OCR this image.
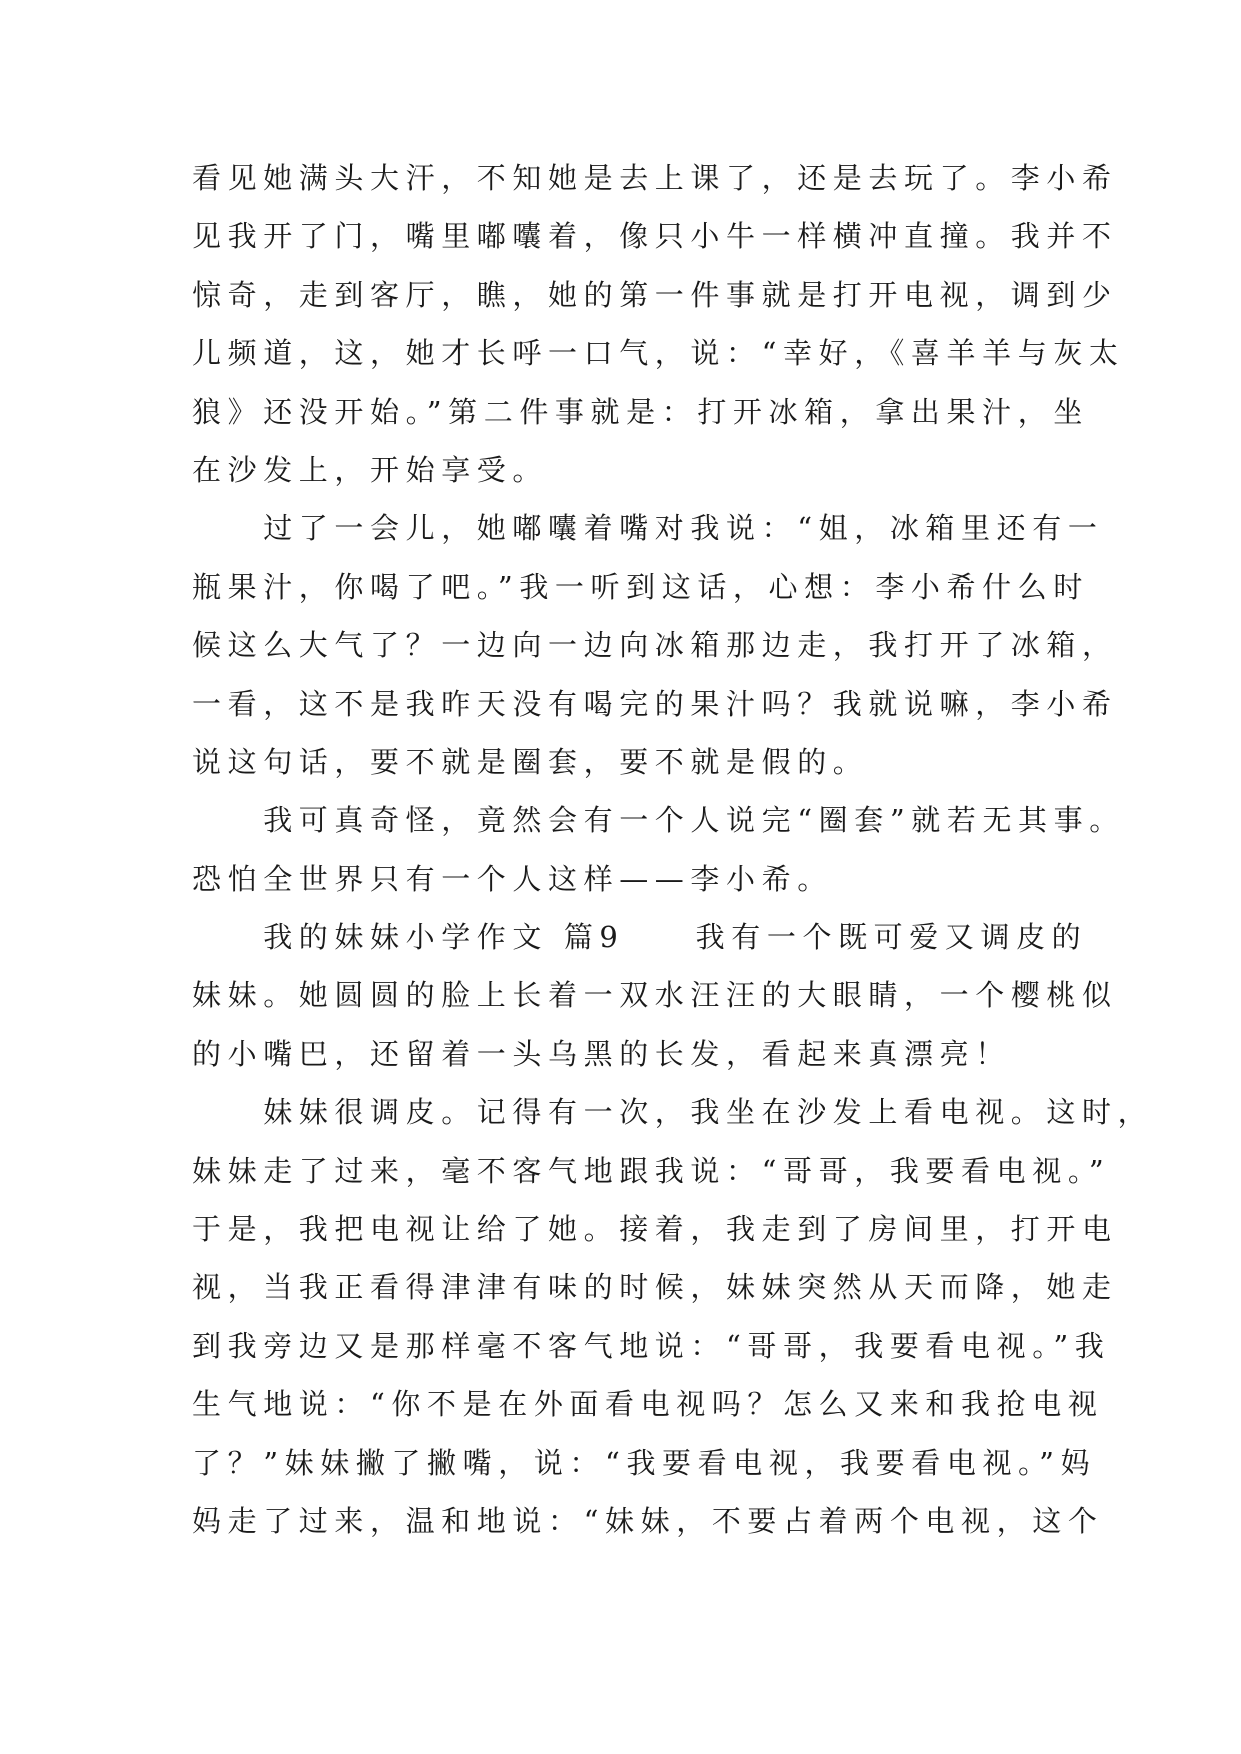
看见她满头大汗，不知她是去上课了，还是去玩了。李小希
见我开了门，嘴里嘟囔着，像只小牛一样横冲直撞。我并不
惊奇，走到客厅，瞧，她的第一件事就是打开电视，调到少
儿频道，这，她才长呼一口气，说：“幸好，《喜羊羊与灰太
狼》还没开始。”第二件事就是：打开冰箱，拿出果汁，坐
在沙发上，开始享受。
　　过了一会儿，她嘟囔着嘴对我说：“姐，冰箱里还有一
瓶果汁，你喝了吧。”我一听到这话，心想：李小希什么时
候这么大气了？一边向一边向冰箱那边走，我打开了冰箱，
一看，这不是我昨天没有喝完的果汁吗？我就说嘛，李小希
说这句话，要不就是圈套，要不就是假的。
　　我可真奇怪，竟然会有一个人说完“圈套”就若无其事。
恐怕全世界只有一个人这样——李小希。
　　我的妹妹小学作文 篇9　　我有一个既可爱又调皮的
妹妹。她圆圆的脸上长着一双水汪汪的大眼睛，一个樱桃似
的小嘴巴，还留着一头乌黑的长发，看起来真漂亮！
　　妹妹很调皮。记得有一次，我坐在沙发上看电视。这时，
妹妹走了过来，毫不客气地跟我说：“哥哥，我要看电视。”
于是，我把电视让给了她。接着，我走到了房间里，打开电
视，当我正看得津津有味的时候，妹妹突然从天而降，她走
到我旁边又是那样毫不客气地说：“哥哥，我要看电视。”我
生气地说：“你不是在外面看电视吗？怎么又来和我抢电视
了？”妹妹撇了撇嘴，说：“我要看电视，我要看电视。”妈
妈走了过来，温和地说：“妹妹，不要占着两个电视，这个
